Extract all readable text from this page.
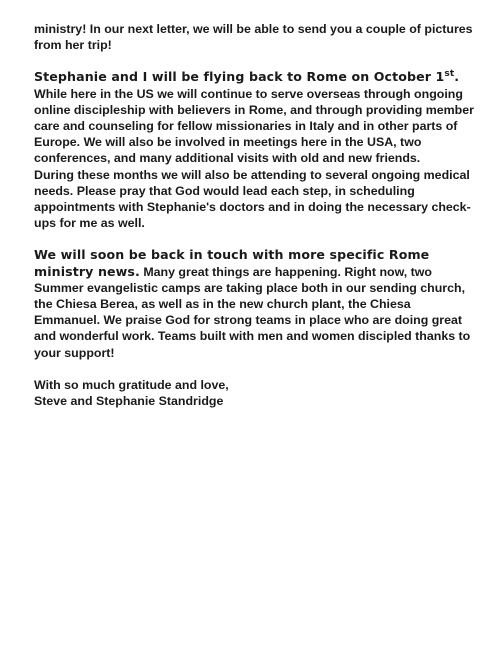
ministry! In our next letter, we will be able to send you a couple of pictures from her trip!

Stephanie and I will be flying back to Rome on October 1st.

While here in the US we will continue to serve overseas through ongoing online discipleship with believers in Rome, and through providing member care and counseling for fellow missionaries in Italy and in other parts of Europe. We will also be involved in meetings here in the USA, two conferences, and many additional visits with old and new friends.

During these months we will also be attending to several ongoing medical needs. Please pray that God would lead each step, in scheduling appointments with Stephanie's doctors and in doing the necessary check-ups for me as well.

We will soon be back in touch with more specific Rome ministry news. Many great things are happening. Right now, two Summer evangelistic camps are taking place both in our sending church, the Chiesa Berea, as well as in the new church plant, the Chiesa Emmanuel. We praise God for strong teams in place who are doing great and wonderful work. Teams built with men and women discipled thanks to your support!

With so much gratitude and love,

Steve and Stephanie Standridge
